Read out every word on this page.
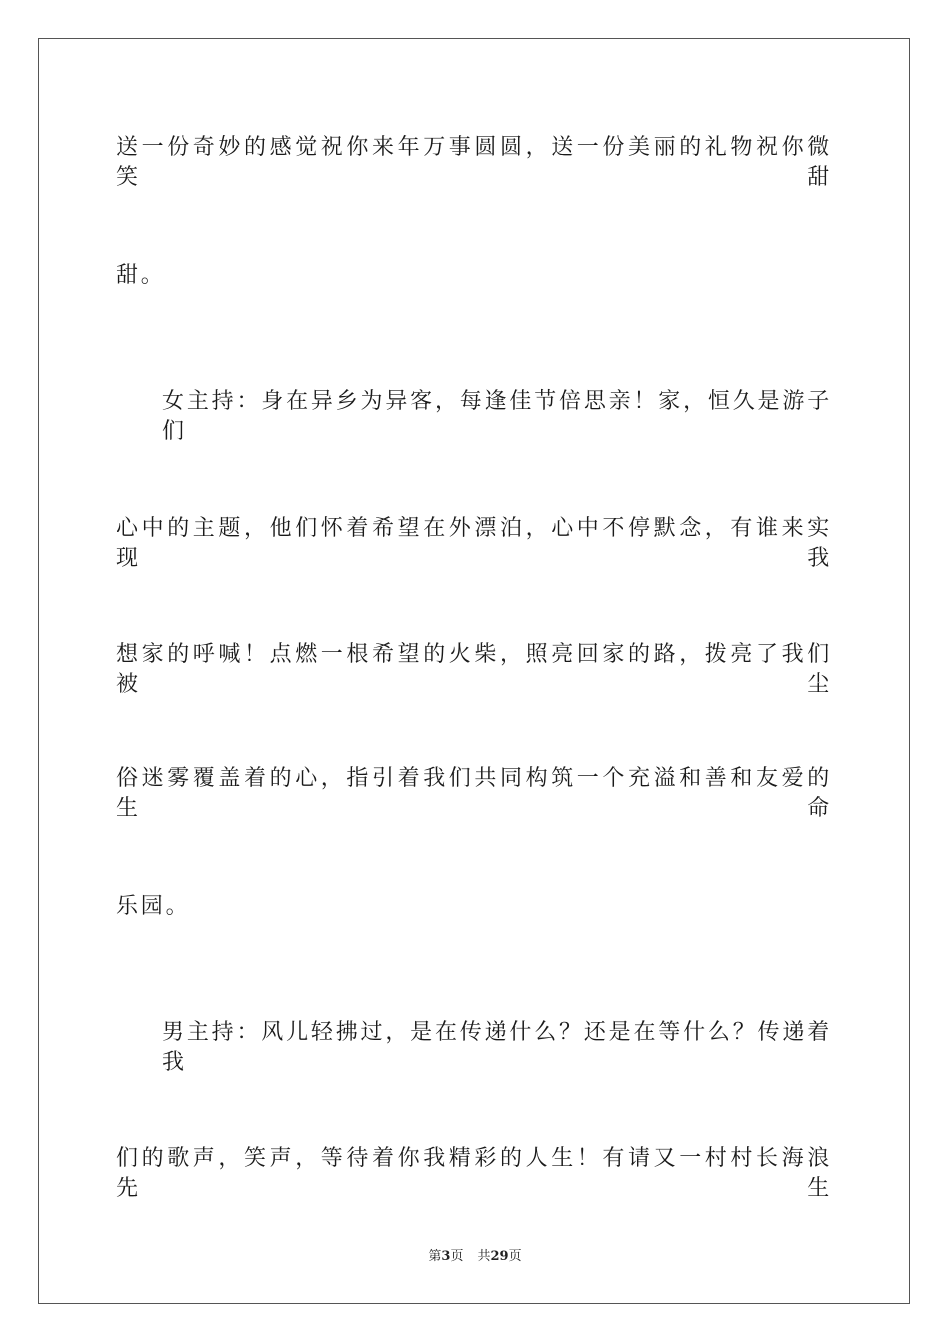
送一份奇妙的感觉祝你来年万事圆圆，送一份美丽的礼物祝你微笑甜
甜。
女主持：身在异乡为异客，每逢佳节倍思亲！家，恒久是游子们
心中的主题，他们怀着希望在外漂泊，心中不停默念，有谁来实现我
想家的呼喊！点燃一根希望的火柴，照亮回家的路，拨亮了我们被尘
俗迷雾覆盖着的心，指引着我们共同构筑一个充溢和善和友爱的生命
乐园。
男主持：风儿轻拂过，是在传递什么？还是在等什么？传递着我
们的歌声，笑声，等待着你我精彩的人生！有请又一村村长海浪先生
第3页 共29页
